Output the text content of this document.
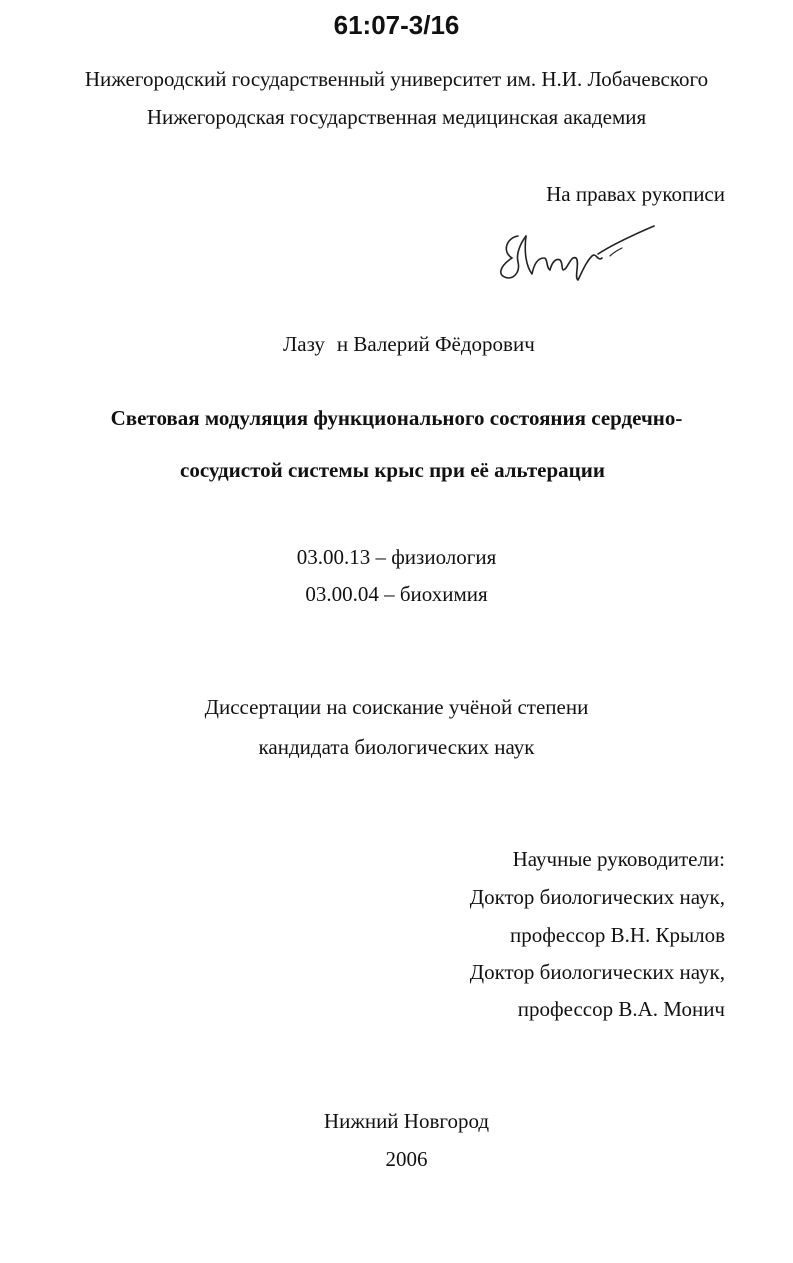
61:07-3/16
Нижегородский государственный университет им. Н.И. Лобачевского
Нижегородская государственная медицинская академия
На правах рукописи
Лазу н Валерий Фёдорович
Световая модуляция функционального состояния сердечно-
сосудистой системы крыс при её альтерации
03.00.13 – физиология
03.00.04 – биохимия
Диссертации на соискание учёной степени
кандидата биологических наук
Научные руководители:
Доктор биологических наук,
профессор В.Н. Крылов
Доктор биологических наук,
профессор В.А. Монич
Нижний Новгород
2006
